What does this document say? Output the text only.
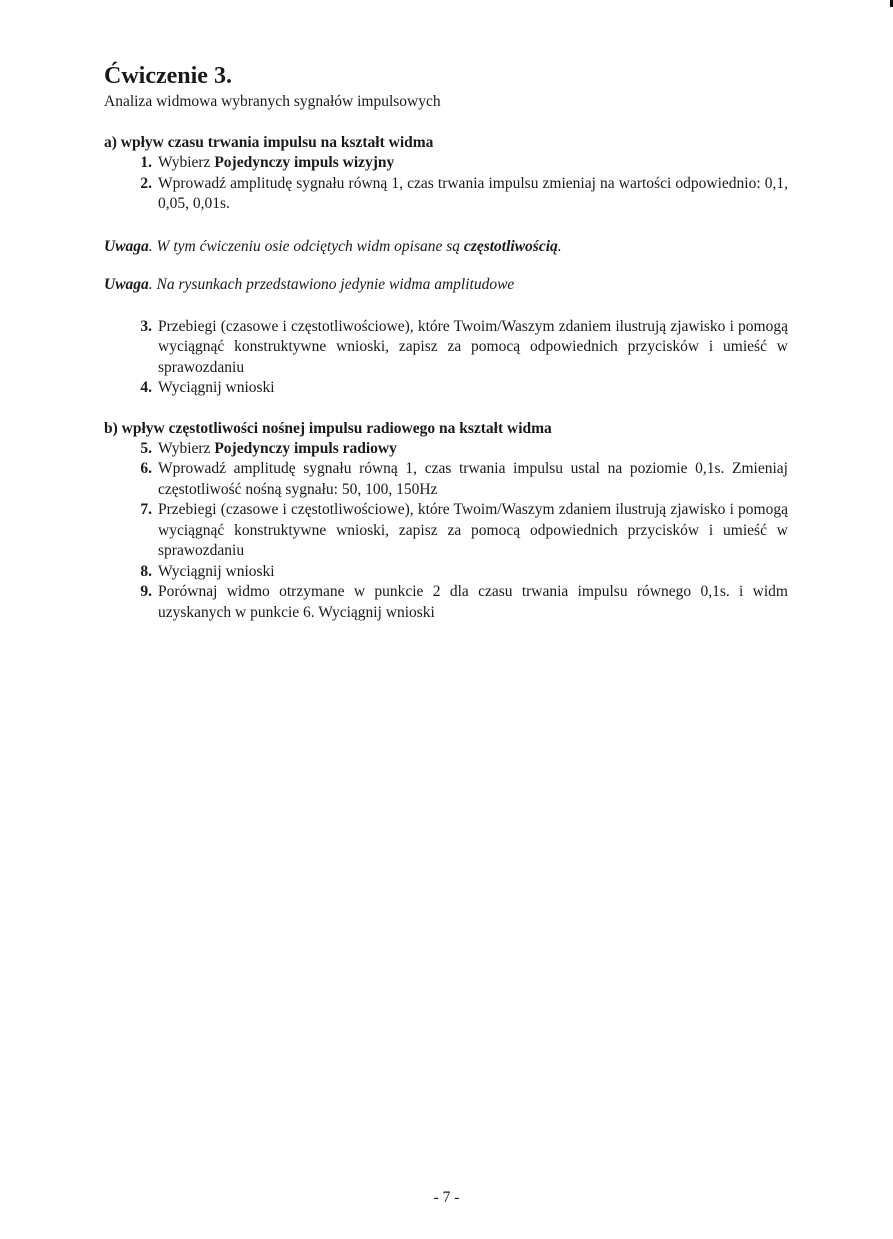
Ćwiczenie 3.

Analiza widmowa wybranych sygnałów impulsowych

a) wpływ czasu trwania impulsu na kształt widma

1. Wybierz Pojedynczy impuls wizyjny
2. Wprowadź amplitudę sygnału równą 1, czas trwania impulsu zmieniaj na wartości odpowiednio: 0,1, 0,05, 0,01s.

Uwaga. W tym ćwiczeniu osie odciętych widm opisane są częstotliwością.

Uwaga. Na rysunkach przedstawiono jedynie widma amplitudowe

3. Przebiegi (czasowe i częstotliwościowe), które Twoim/Waszym zdaniem ilustrują zjawisko i pomogą wyciągnąć konstruktywne wnioski, zapisz za pomocą odpowiednich przycisków i umieść w sprawozdaniu
4. Wyciągnij wnioski

b) wpływ częstotliwości nośnej impulsu radiowego na kształt widma

5. Wybierz Pojedynczy impuls radiowy
6. Wprowadź amplitudę sygnału równą 1, czas trwania impulsu ustal na poziomie 0,1s. Zmieniaj częstotliwość nośną sygnału: 50, 100, 150Hz
7. Przebiegi (czasowe i częstotliwościowe), które Twoim/Waszym zdaniem ilustrują zjawisko i pomogą wyciągnąć konstruktywne wnioski, zapisz za pomocą odpowiednich przycisków i umieść w sprawozdaniu
8. Wyciągnij wnioski
9. Porównaj widmo otrzymane w punkcie 2 dla czasu trwania impulsu równego 0,1s. i widm uzyskanych w punkcie 6. Wyciągnij wnioski
- 7 -
